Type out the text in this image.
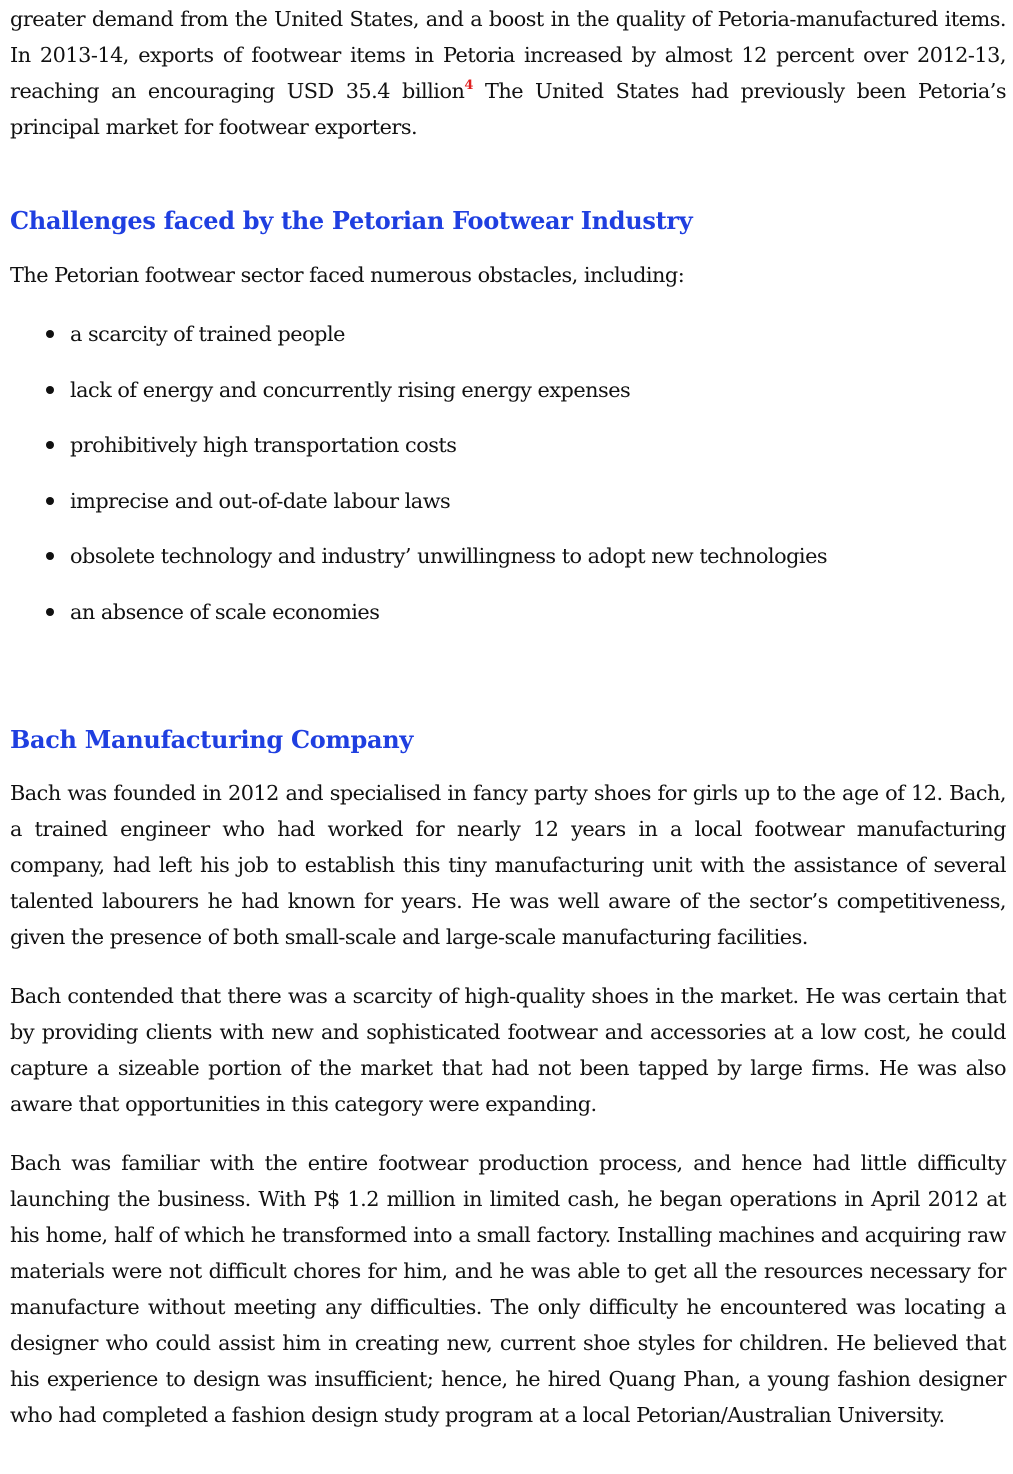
greater demand from the United States, and a boost in the quality of Petoria-manufactured items. In 2013-14, exports of footwear items in Petoria increased by almost 12 percent over 2012-13, reaching an encouraging USD 35.4 billion$^4$ The United States had previously been Petoria’s principal market for footwear exporters.

Challenges faced by the Petorian Footwear Industry

The Petorian footwear sector faced numerous obstacles, including:

a scarcity of trained people
lack of energy and concurrently rising energy expenses
prohibitively high transportation costs
imprecise and out-of-date labour laws
obsolete technology and industry’ unwillingness to adopt new technologies
an absence of scale economies
Bach Manufacturing Company

Bach was founded in 2012 and specialised in fancy party shoes for girls up to the age of 12. Bach, a trained engineer who had worked for nearly 12 years in a local footwear manufacturing company, had left his job to establish this tiny manufacturing unit with the assistance of several talented labourers he had known for years. He was well aware of the sector’s competitiveness, given the presence of both small-scale and large-scale manufacturing facilities.

Bach contended that there was a scarcity of high-quality shoes in the market. He was certain that by providing clients with new and sophisticated footwear and accessories at a low cost, he could capture a sizeable portion of the market that had not been tapped by large firms. He was also aware that opportunities in this category were expanding.

Bach was familiar with the entire footwear production process, and hence had little difficulty launching the business. With P$ 1.2 million in limited cash, he began operations in April 2012 at his home, half of which he transformed into a small factory. Installing machines and acquiring raw materials were not difficult chores for him, and he was able to get all the resources necessary for manufacture without meeting any difficulties. The only difficulty he encountered was locating a designer who could assist him in creating new, current shoe styles for children. He believed that his experience to design was insufficient; hence, he hired Quang Phan, a young fashion designer who had completed a fashion design study program at a local Petorian/Australian University.
